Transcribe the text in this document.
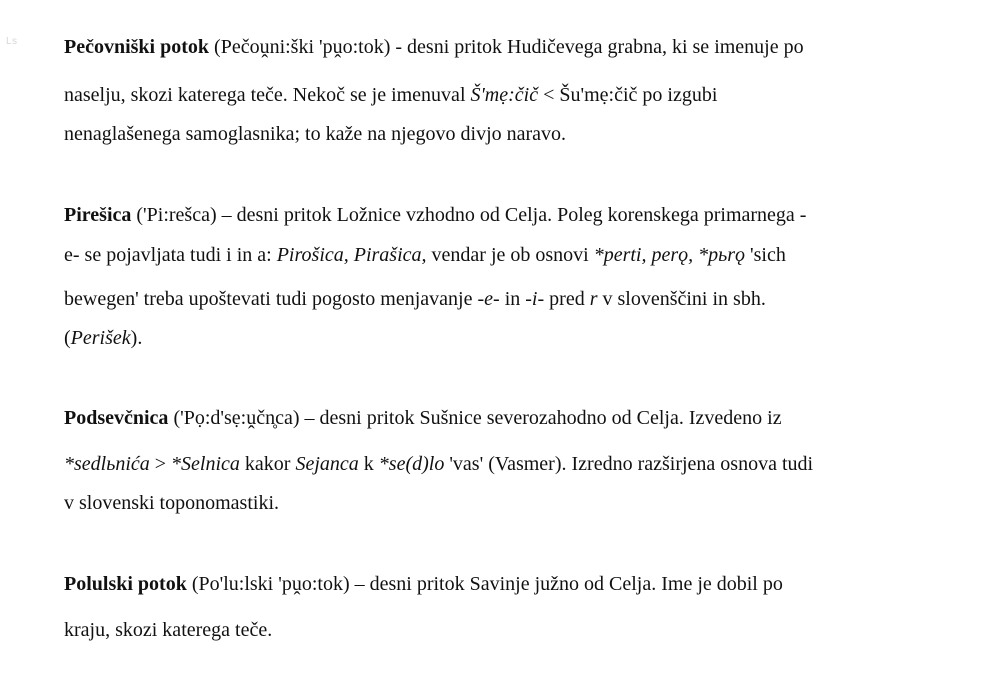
Ls Pečovniški potok (Pečoṷni:ški 'pṷo:tok) - desni pritok Hudičevega grabna, ki se imenuje po
naselju, skozi katerega teče. Nekoč se je imenuval Š'mẹ:čič < Šu'mẹ:čič po izgubi
nenaglašenega samoglasnika; to kaže na njegovo divjo naravo.
Pirešica ('Pi:rešca) – desni pritok Ložnice vzhodno od Celja. Poleg korenskega primarnega -
e- se pojavljata tudi i in a: Pirošica, Pirašica, vendar je ob osnovi *perti, perǫ, *pьrǫ 'sich
bewegen' treba upoštevati tudi pogosto menjavanje -e- in -i- pred r v slovenščini in sbh.
(Perišek).
Podsevčnica ('Pọ:d'sẹ:ṷčn̥ca) – desni pritok Sušnice severozahodno od Celja. Izvedeno iz
*sedlьnića > *Selnica kakor Sejanca k *se(d)lo 'vas' (Vasmer). Izredno razširjena osnova tudi
v slovenski toponomastiki.
Polulski potok (Po'lu:lski 'pṷo:tok) – desni pritok Savinje južno od Celja. Ime je dobil po
kraju, skozi katerega teče.
